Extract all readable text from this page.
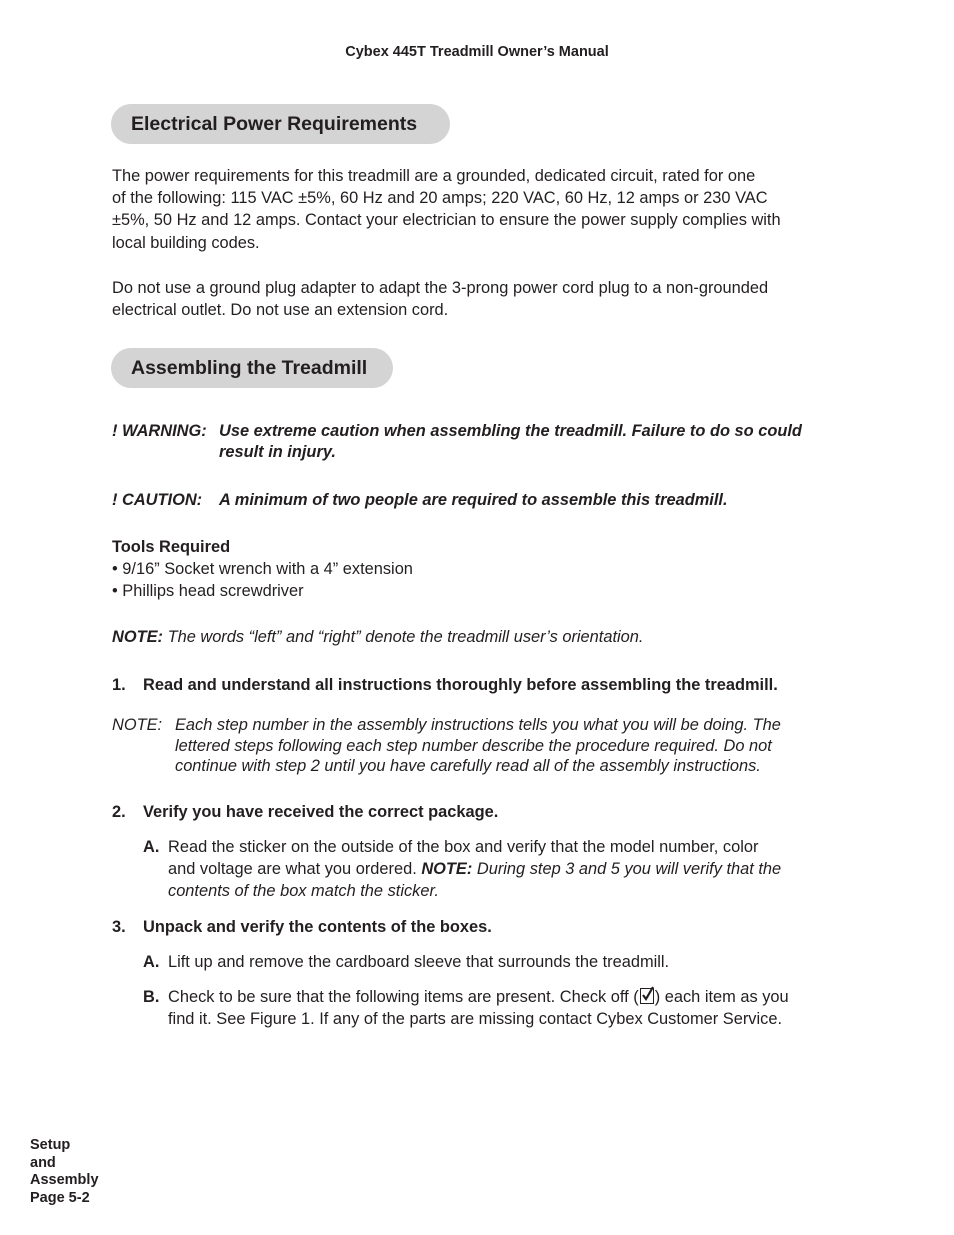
Cybex 445T Treadmill Owner’s Manual
Electrical Power Requirements
The power requirements for this treadmill are a grounded, dedicated circuit, rated for one
of the following: 115 VAC ±5%, 60 Hz and 20 amps; 220 VAC, 60 Hz, 12 amps or 230 VAC
±5%, 50 Hz and 12 amps. Contact your electrician to ensure the power supply complies with
local building codes.
Do not use a ground plug adapter to adapt the 3-prong power cord plug to a non-grounded
electrical outlet. Do not use an extension cord.
Assembling the Treadmill
! WARNING: Use extreme caution when assembling the treadmill. Failure to do so could
result in injury.
! CAUTION: A minimum of two people are required to assemble this treadmill.
Tools Required
• 9/16” Socket wrench with a 4” extension
• Phillips head screwdriver
NOTE: The words “left” and “right” denote the treadmill user’s orientation.
1. Read and understand all instructions thoroughly before assembling the treadmill.
NOTE: Each step number in the assembly instructions tells you what you will be doing. The
lettered steps following each step number describe the procedure required. Do not
continue with step 2 until you have carefully read all of the assembly instructions.
2. Verify you have received the correct package.
A. Read the sticker on the outside of the box and verify that the model number, color
and voltage are what you ordered. NOTE: During step 3 and 5 you will verify that the
contents of the box match the sticker.
3. Unpack and verify the contents of the boxes.
A. Lift up and remove the cardboard sleeve that surrounds the treadmill.
B. Check to be sure that the following items are present. Check off ( ) each item as you
find it. See Figure 1. If any of the parts are missing contact Cybex Customer Service.
Setup
and
Assembly
Page 5-2
